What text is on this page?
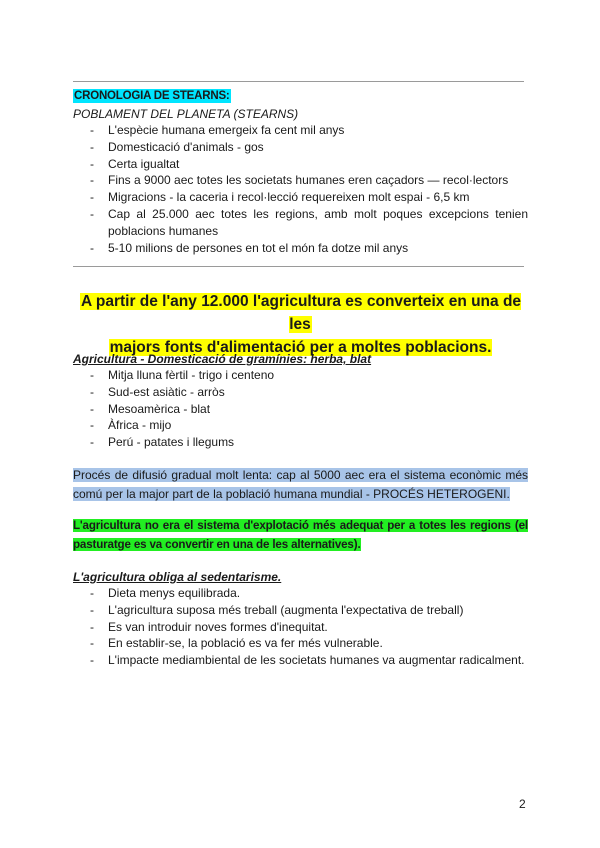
CRONOLOGIA DE STEARNS:
POBLAMENT DEL PLANETA (STEARNS)
- L'espècie humana emergeix fa cent mil anys
- Domesticació d'animals - gos
- Certa igualtat
- Fins a 9000 aec totes les societats humanes eren caçadors — recol·lectors
- Migracions - la caceria i recol·lecció requereixen molt espai - 6,5 km
- Cap al 25.000 aec totes les regions, amb molt poques excepcions tenien poblacions humanes
- 5-10 milions de persones en tot el món fa dotze mil anys
A partir de l'any 12.000 l'agricultura es converteix en una de les
majors fonts d'alimentació per a moltes poblacions.
Agricultura - Domesticació de gramínies: herba, blat
- Mitja lluna fèrtil - trigo i centeno
- Sud-est asiàtic - arròs
- Mesoamèrica - blat
- Àfrica - mijo
- Perú - patates i llegums
Procés de difusió gradual molt lenta: cap al 5000 aec era el sistema econòmic més comú per la major part de la població humana mundial - PROCÉS HETEROGENI.
L'agricultura no era el sistema d'explotació més adequat per a totes les regions (el pasturatge es va convertir en una de les alternatives).
L'agricultura obliga al sedentarisme.
- Dieta menys equilibrada.
- L'agricultura suposa més treball (augmenta l'expectativa de treball)
- Es van introduir noves formes d'inequitat.
- En establir-se, la població es va fer més vulnerable.
- L'impacte mediambiental de les societats humanes va augmentar radicalment.
2
